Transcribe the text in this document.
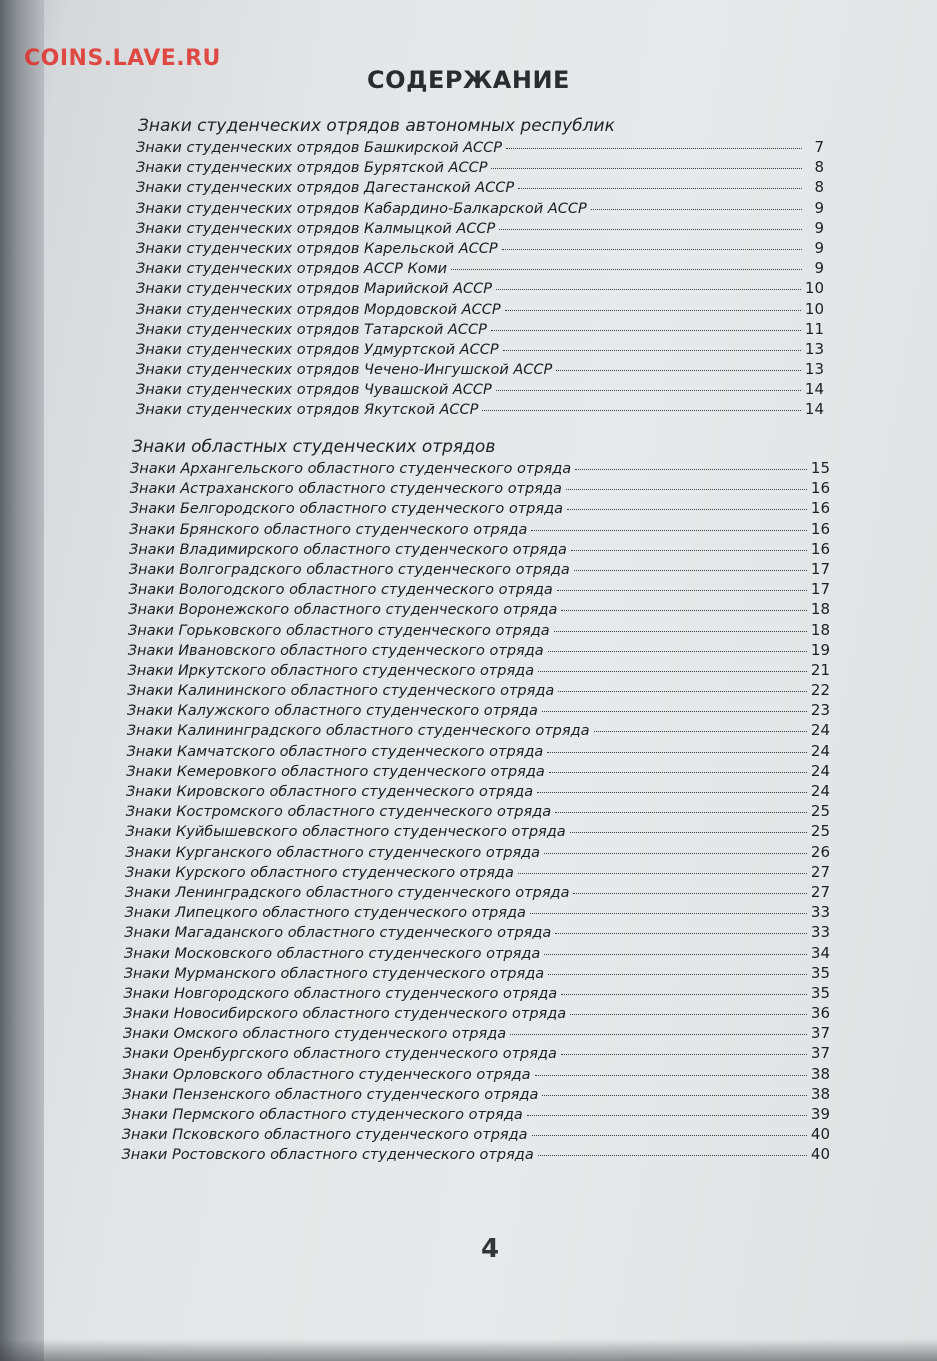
COINS.LAVE.RU
СОДЕРЖАНИЕ
Знаки студенческих отрядов автономных республик
Знаки студенческих отрядов Башкирской АССР	7
Знаки студенческих отрядов Бурятской АССР	8
Знаки студенческих отрядов Дагестанской АССР	8
Знаки студенческих отрядов Кабардино-Балкарской АССР	9
Знаки студенческих отрядов Калмыцкой АССР	9
Знаки студенческих отрядов Карельской АССР	9
Знаки студенческих отрядов АССР Коми	9
Знаки студенческих отрядов Марийской АССР	10
Знаки студенческих отрядов Мордовской АССР	10
Знаки студенческих отрядов Татарской АССР	11
Знаки студенческих отрядов Удмуртской АССР	13
Знаки студенческих отрядов Чечено-Ингушской АССР	13
Знаки студенческих отрядов Чувашской АССР	14
Знаки студенческих отрядов Якутской АССР	14
Знаки областных студенческих отрядов
Знаки Архангельского областного студенческого отряда	15
Знаки Астраханского областного студенческого отряда	16
Знаки Белгородского областного студенческого отряда	16
Знаки Брянского областного студенческого отряда	16
Знаки Владимирского областного студенческого отряда	16
Знаки Волгоградского областного студенческого отряда	17
Знаки Вологодского областного студенческого отряда	17
Знаки Воронежского областного студенческого отряда	18
Знаки Горьковского областного студенческого отряда	18
Знаки Ивановского областного студенческого отряда	19
Знаки Иркутского областного студенческого отряда	21
Знаки Калининского областного студенческого отряда	22
Знаки Калужского областного студенческого отряда	23
Знаки Калининградского областного студенческого отряда	24
Знаки Камчатского областного студенческого отряда	24
Знаки Кемеровкого областного студенческого отряда	24
Знаки Кировского областного студенческого отряда	24
Знаки Костромского областного студенческого отряда	25
Знаки Куйбышевского областного студенческого отряда	25
Знаки Курганского областного студенческого отряда	26
Знаки Курского областного студенческого отряда	27
Знаки Ленинградского областного студенческого отряда	27
Знаки Липецкого областного студенческого отряда	33
Знаки Магаданского областного студенческого отряда	33
Знаки Московского областного студенческого отряда	34
Знаки Мурманского областного студенческого отряда	35
Знаки Новгородского областного студенческого отряда	35
Знаки Новосибирского областного студенческого отряда	36
Знаки Омского областного студенческого отряда	37
Знаки Оренбургского областного студенческого отряда	37
Знаки Орловского областного студенческого отряда	38
Знаки Пензенского областного студенческого отряда	38
Знаки Пермского областного студенческого отряда	39
Знаки Псковского областного студенческого отряда	40
Знаки Ростовского областного студенческого отряда	40
4
